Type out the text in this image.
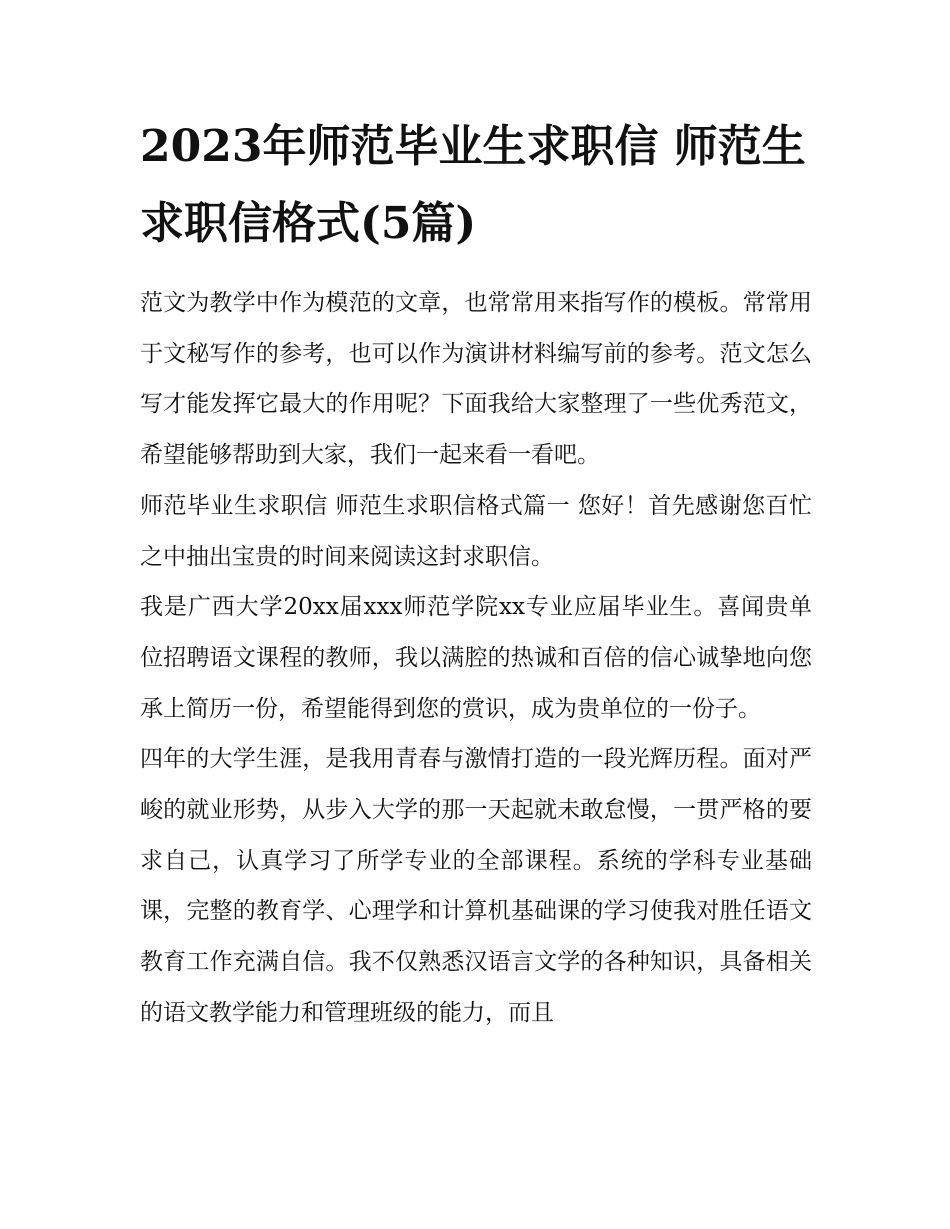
2023年师范毕业生求职信 师范生求职信格式(5篇)

范文为教学中作为模范的文章，也常常用来指写作的模板。常常用于文秘写作的参考，也可以作为演讲材料编写前的参考。范文怎么写才能发挥它最大的作用呢？下面我给大家整理了一些优秀范文，希望能够帮助到大家，我们一起来看一看吧。

师范毕业生求职信 师范生求职信格式篇一 您好！首先感谢您百忙之中抽出宝贵的时间来阅读这封求职信。

我是广西大学20xx届xxx师范学院xx专业应届毕业生。喜闻贵单位招聘语文课程的教师，我以满腔的热诚和百倍的信心诚挚地向您承上简历一份，希望能得到您的赏识，成为贵单位的一份子。

四年的大学生涯，是我用青春与激情打造的一段光辉历程。面对严峻的就业形势，从步入大学的那一天起就未敢怠慢，一贯严格的要求自己，认真学习了所学专业的全部课程。系统的学科专业基础课，完整的教育学、心理学和计算机基础课的学习使我对胜任语文教育工作充满自信。我不仅熟悉汉语言文学的各种知识，具备相关的语文教学能力和管理班级的能力，而且
